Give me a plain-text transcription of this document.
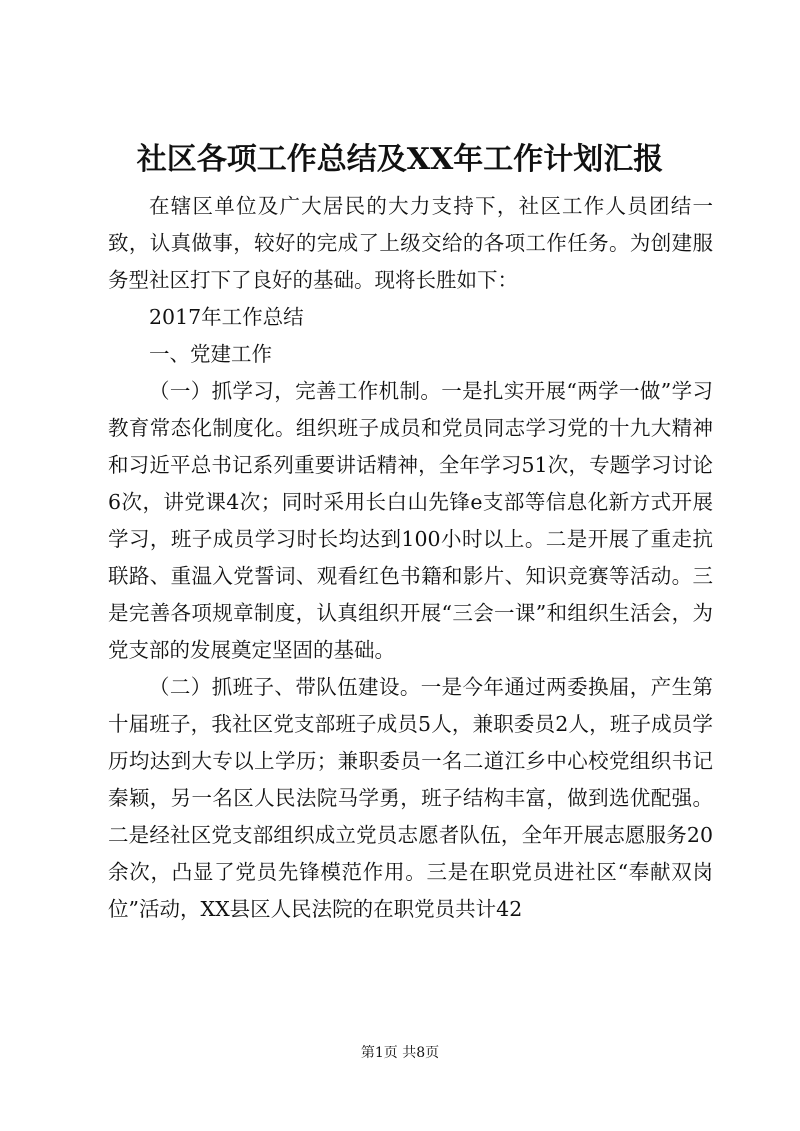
社区各项工作总结及XX年工作计划汇报

在辖区单位及广大居民的大力支持下，社区工作人员团结一致，认真做事，较好的完成了上级交给的各项工作任务。为创建服务型社区打下了良好的基础。现将长胜如下：

2017年工作总结

一、党建工作

（一）抓学习，完善工作机制。一是扎实开展“两学一做”学习教育常态化制度化。组织班子成员和党员同志学习党的十九大精神和习近平总书记系列重要讲话精神，全年学习51次，专题学习讨论6次，讲党课4次；同时采用长白山先锋e支部等信息化新方式开展学习，班子成员学习时长均达到100小时以上。二是开展了重走抗联路、重温入党誓词、观看红色书籍和影片、知识竞赛等活动。三是完善各项规章制度，认真组织开展“三会一课”和组织生活会，为党支部的发展奠定坚固的基础。

（二）抓班子、带队伍建设。一是今年通过两委换届，产生第十届班子，我社区党支部班子成员5人，兼职委员2人，班子成员学历均达到大专以上学历；兼职委员一名二道江乡中心校党组织书记秦颖，另一名区人民法院马学勇，班子结构丰富，做到选优配强。二是经社区党支部组织成立党员志愿者队伍，全年开展志愿服务20余次，凸显了党员先锋模范作用。三是在职党员进社区“奉献双岗位”活动，XX县区人民法院的在职党员共计42

第1页 共8页
